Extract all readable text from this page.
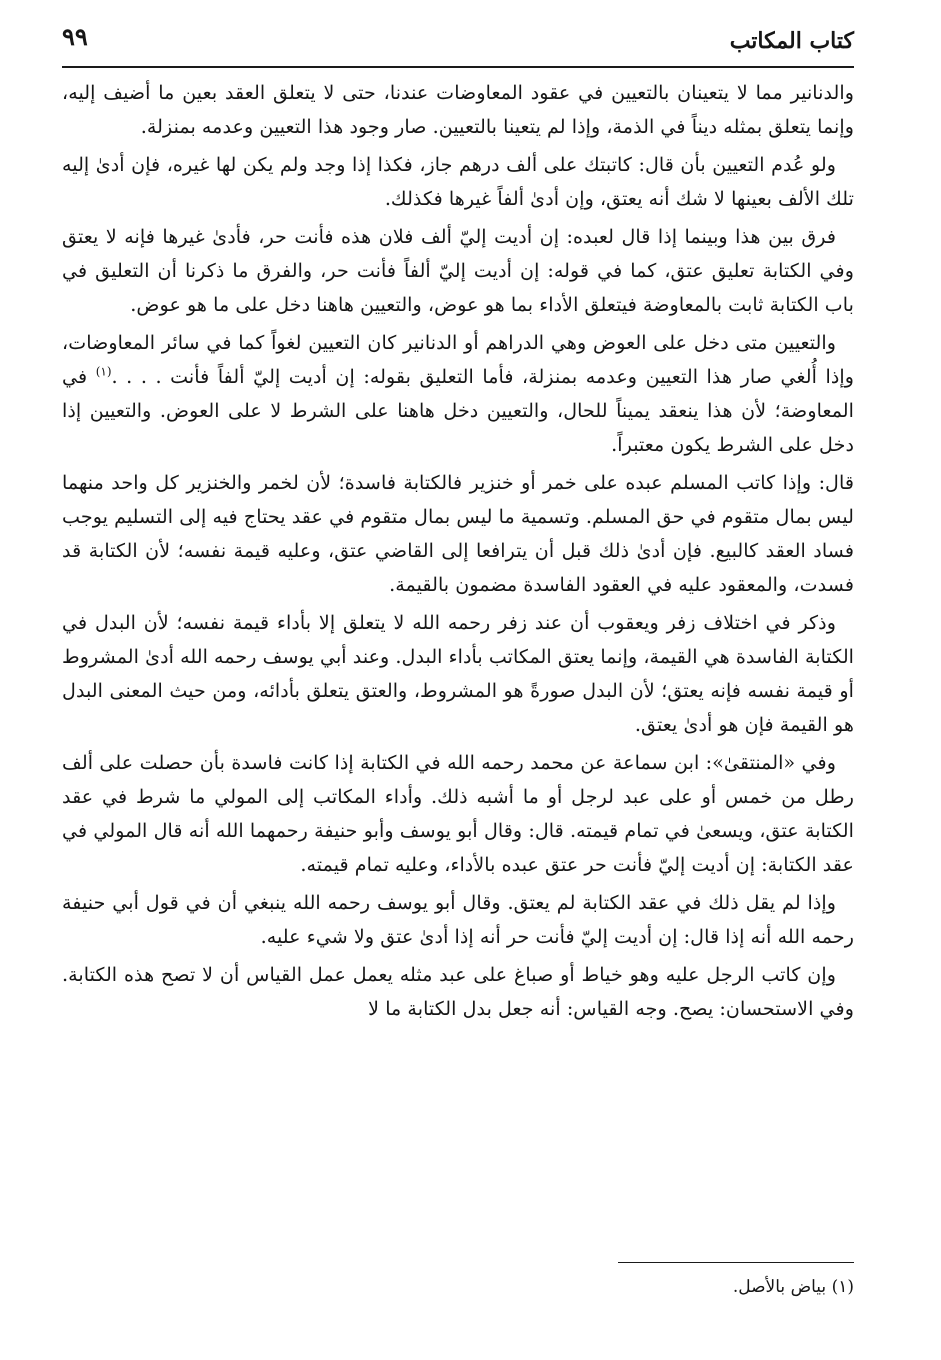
كتاب المكاتب
٩٩

والدنانير مما لا يتعينان بالتعيين في عقود المعاوضات عندنا، حتى لا يتعلق العقد بعين ما أضيف إليه، وإنما يتعلق بمثله ديناً في الذمة، وإذا لم يتعينا بالتعيين. صار وجود هذا التعيين وعدمه بمنزلة.

ولو عُدم التعيين بأن قال: كاتبتك على ألف درهم جاز، فكذا إذا وجد ولم يكن لها غيره، فإن أدىٰ إليه تلك الألف بعينها لا شك أنه يعتق، وإن أدىٰ ألفاً غيرها فكذلك.

فرق بين هذا وبينما إذا قال لعبده: إن أديت إليّ ألف فلان هذه فأنت حر، فأدىٰ غيرها فإنه لا يعتق وفي الكتابة تعليق عتق، كما في قوله: إن أديت إليّ ألفاً فأنت حر، والفرق ما ذكرنا أن التعليق في باب الكتابة ثابت بالمعاوضة فيتعلق الأداء بما هو عوض، والتعيين هاهنا دخل على ما هو عوض.

والتعيين متى دخل على العوض وهي الدراهم أو الدنانير كان التعيين لغواً كما في سائر المعاوضات، وإذا أُلغي صار هذا التعيين وعدمه بمنزلة، فأما التعليق بقوله: إن أديت إليّ ألفاً فأنت . . . .$^{(١)}$ في المعاوضة؛ لأن هذا ينعقد يميناً للحال، والتعيين دخل هاهنا على الشرط لا على العوض. والتعيين إذا دخل على الشرط يكون معتبراً.

قال: وإذا كاتب المسلم عبده على خمر أو خنزير فالكتابة فاسدة؛ لأن لخمر والخنزير كل واحد منهما ليس بمال متقوم في حق المسلم. وتسمية ما ليس بمال متقوم في عقد يحتاج فيه إلى التسليم يوجب فساد العقد كالبيع. فإن أدىٰ ذلك قبل أن يترافعا إلى القاضي عتق، وعليه قيمة نفسه؛ لأن الكتابة قد فسدت، والمعقود عليه في العقود الفاسدة مضمون بالقيمة.

وذكر في اختلاف زفر ويعقوب أن عند زفر رحمه الله لا يتعلق إلا بأداء قيمة نفسه؛ لأن البدل في الكتابة الفاسدة هي القيمة، وإنما يعتق المكاتب بأداء البدل. وعند أبي يوسف رحمه الله أدىٰ المشروط أو قيمة نفسه فإنه يعتق؛ لأن البدل صورةً هو المشروط، والعتق يتعلق بأدائه، ومن حيث المعنى البدل هو القيمة فإن هو أدىٰ يعتق.

وفي «المنتقىٰ»: ابن سماعة عن محمد رحمه الله في الكتابة إذا كانت فاسدة بأن حصلت على ألف رطل من خمس أو على عبد لرجل أو ما أشبه ذلك. وأداء المكاتب إلى المولي ما شرط في عقد الكتابة عتق، ويسعىٰ في تمام قيمته. قال: وقال أبو يوسف وأبو حنيفة رحمهما الله أنه قال المولي في عقد الكتابة: إن أديت إليّ فأنت حر عتق عبده بالأداء، وعليه تمام قيمته.

وإذا لم يقل ذلك في عقد الكتابة لم يعتق. وقال أبو يوسف رحمه الله ينبغي أن في قول أبي حنيفة رحمه الله أنه إذا قال: إن أديت إليّ فأنت حر أنه إذا أدىٰ عتق ولا شيء عليه.

وإن كاتب الرجل عليه وهو خياط أو صباغ على عبد مثله يعمل عمل القياس أن لا تصح هذه الكتابة. وفي الاستحسان: يصح. وجه القياس: أنه جعل بدل الكتابة ما لا

(١) بياض بالأصل.
